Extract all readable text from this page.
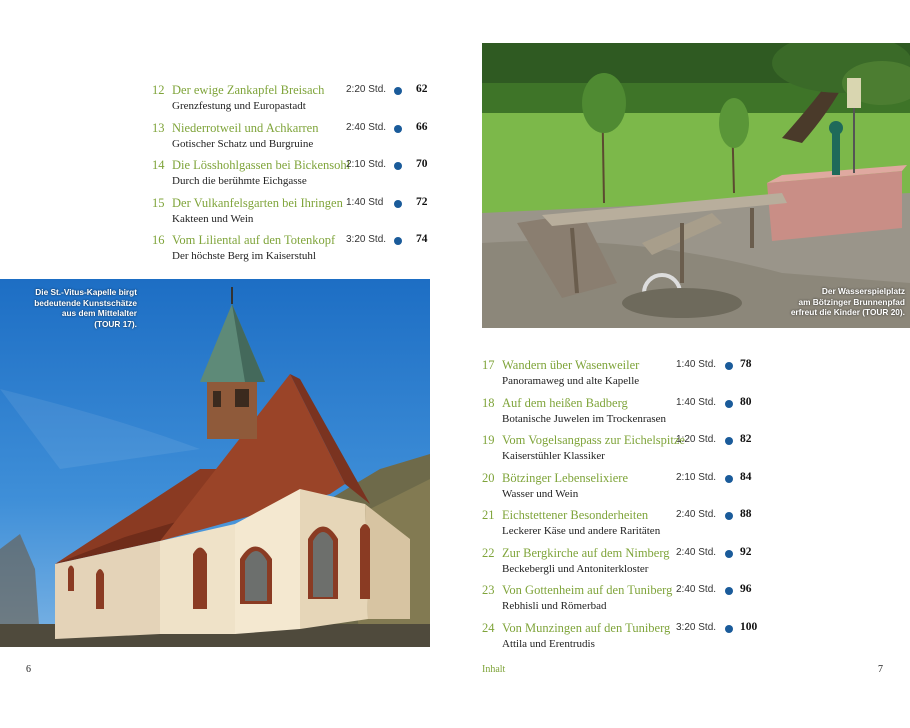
12 Der ewige Zankapfel Breisach
Grenzfestung und Europastadt
2:20 Std.	62
13 Niederrotweil und Achkarren
Gotischer Schatz und Burgruine
2:40 Std.	66
14 Die Lösshohlgassen bei Bickensohl
Durch die berühmte Eichgasse
2:10 Std.	70
15 Der Vulkanfelsgarten bei Ihringen
Kakteen und Wein
1:40 Std	72
16 Vom Liliental auf den Totenkopf
Der höchste Berg im Kaiserstuhl
3:20 Std.	74
Die St.-Vitus-Kapelle birgt
bedeutende Kunstschätze
aus dem Mittelalter
(TOUR 17).
Der Wasserspielplatz
am Bötzinger Brunnenpfad
erfreut die Kinder (TOUR 20).
17 Wandern über Wasenweiler
Panoramaweg und alte Kapelle
1:40 Std. 78
18 Auf dem heißen Badberg
Botanische Juwelen im Trockenrasen
1:40 Std. 80
19 Vom Vogelsangpass zur Eichelspitze
Kaiserstühler Klassiker
1:20 Std. 82
20 Bötzinger Lebenselixiere
Wasser und Wein
2:10 Std. 84
21 Eichstettener Besonderheiten
Leckerer Käse und andere Raritäten
2:40 Std. 88
22 Zur Bergkirche auf dem Nimberg
Beckebergli und Antoniterkloster
2:40 Std. 92
23 Von Gottenheim auf den Tuniberg
Rebhisli und Römerbad
2:40 Std. 96
24 Von Munzingen auf den Tuniberg
Attila und Erentrudis
3:20 Std. 100
6	Inhalt	7
